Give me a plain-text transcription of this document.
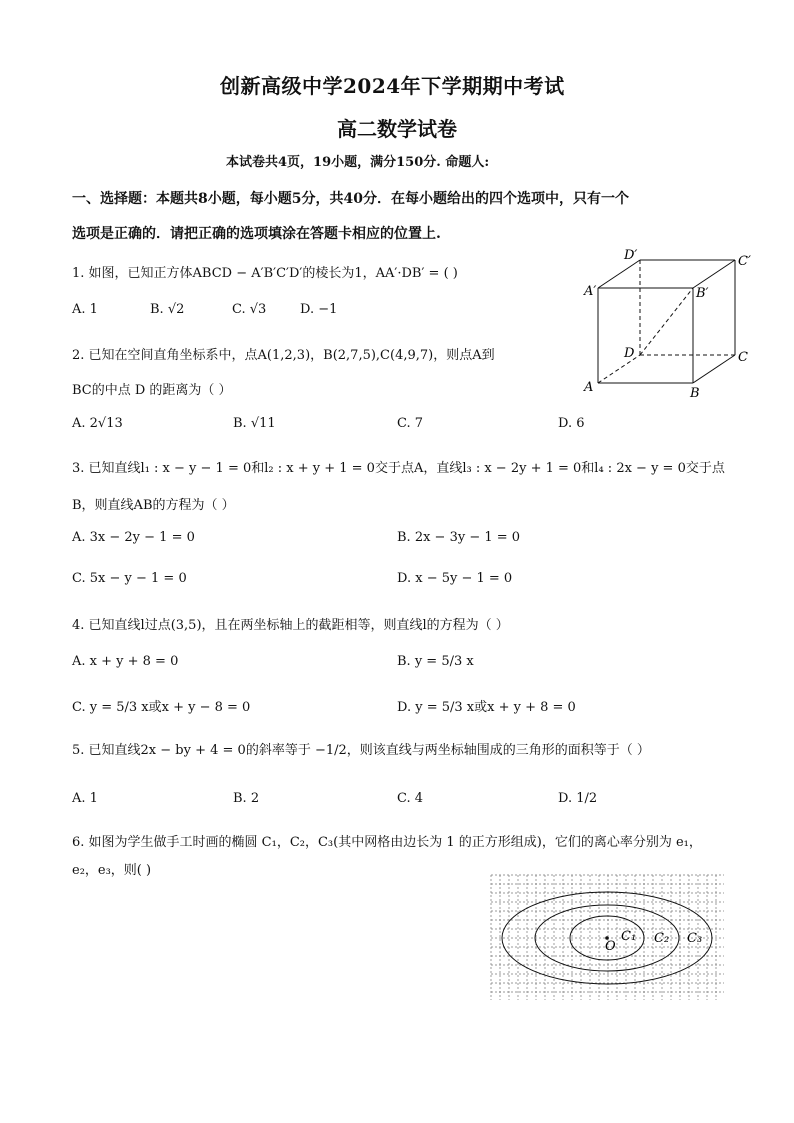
创新高级中学2024年下学期期中考试
高二数学试卷
本试卷共4页，19小题，满分150分. 命题人:
一、选择题：本题共8小题，每小题5分，共40分．在每小题给出的四个选项中，只有一个
选项是正确的．请把正确的选项填涂在答题卡相应的位置上.
1. 如图，已知正方体ABCD − A′B′C′D′的棱长为1，AA′·DB′ = ( )
A. 1	B. √2	C. √3	D. −1
A	B
C
D
A′	B′
C′
D′
2. 已知在空间直角坐标系中，点A(1,2,3)，B(2,7,5),C(4,9,7)，则点A到
BC的中点 D 的距离为（ ）
A. 2√13	B. √11	C. 7	D. 6
3. 已知直线l₁ : x − y − 1 = 0和l₂ : x + y + 1 = 0交于点A，直线l₃ : x − 2y + 1 = 0和l₄ : 2x − y = 0交于点
B，则直线AB的方程为（ ）
A. 3x − 2y − 1 = 0	B. 2x − 3y − 1 = 0
C. 5x − y − 1 = 0	D. x − 5y − 1 = 0
4. 已知直线l过点(3,5)，且在两坐标轴上的截距相等，则直线l的方程为（ ）
A. x + y + 8 = 0	B. y = 5/3 x
C. y = 5/3 x或x + y − 8 = 0	D. y = 5/3 x或x + y + 8 = 0
5. 已知直线2x − by + 4 = 0的斜率等于 −1/2，则该直线与两坐标轴围成的三角形的面积等于（ ）
A. 1	B. 2	C. 4	D. 1/2
6. 如图为学生做手工时画的椭圆 C₁，C₂，C₃(其中网格由边长为 1 的正方形组成)，它们的离心率分别为 e₁，
e₂，e₃，则( )
O
C₁ C₂ C₃
